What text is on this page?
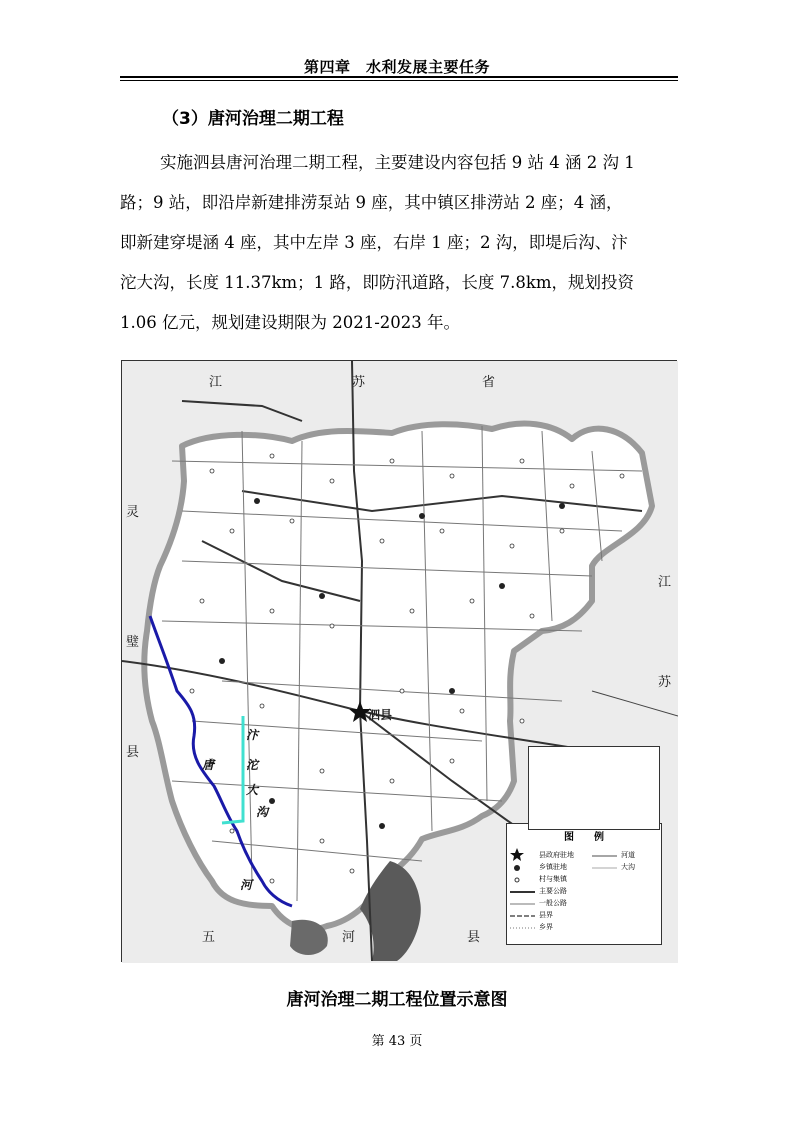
第四章　水利发展主要任务
（3）唐河治理二期工程

实施泗县唐河治理二期工程，主要建设内容包括 9 站 4 涵 2 沟 1
路；9 站，即沿岸新建排涝泵站 9 座，其中镇区排涝站 2 座；4 涵，
即新建穿堤涵 4 座，其中左岸 3 座，右岸 1 座；2 沟，即堤后沟、汴
沱大沟，长度 11.37km；1 路，即防汛道路，长度 7.8km，规划投资
1.06 亿元，规划建设期限为 2021-2023 年。

江	苏	省
灵
璧
县
五	河	县
江
苏
泗县
唐
河
汴
沱
大
沟
图　　例
县政府驻地
乡镇驻地
村与集镇
主要公路
一般公路
县界
乡界
河道
大沟
唐河治理二期工程位置示意图
第 43 页
